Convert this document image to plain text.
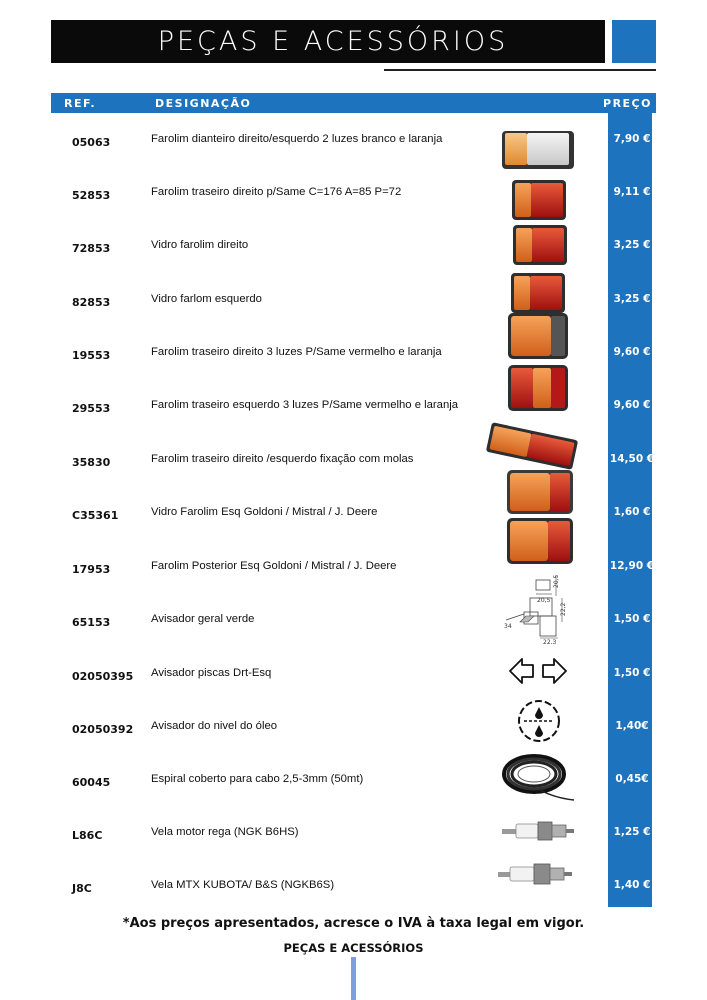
PEÇAS E ACESSÓRIOS
REF.	DESIGNAÇÃO	PREÇO
05063	Farolim dianteiro direito/esquerdo 2 luzes branco e laranja	7,90 €
52853	Farolim traseiro direito p/Same C=176 A=85 P=72	9,11 €
72853	Vidro farolim direito	3,25 €
82853	Vidro farlom esquerdo	3,25 €
19553	Farolim traseiro direito 3 luzes P/Same vermelho e laranja	9,60 €
29553	Farolim traseiro esquerdo 3 luzes P/Same vermelho e laranja	9,60 €
35830	Farolim traseiro direito /esquerdo fixação com molas	14,50 €
C35361	Vidro Farolim Esq Goldoni / Mistral / J. Deere	1,60 €
17953	Farolim Posterior Esq Goldoni / Mistral / J. Deere	12,90 €
65153	Avisador geral verde	1,50 €
02050395 Avisador piscas Drt-Esq	1,50 €
02050392 Avisador do nivel do óleo	1,40€
60045	Espiral coberto para cabo 2,5-3mm (50mt)	0,45€
L86C	Vela motor rega (NGK B6HS)	1,25 €
J8C	Vela MTX KUBOTA/ B&S (NGKB6S)	1,40 €
20,5
20,5
22,2
22,3
34
*Aos preços apresentados, acresce o IVA à taxa legal em vigor.
PEÇAS E ACESSÓRIOS
